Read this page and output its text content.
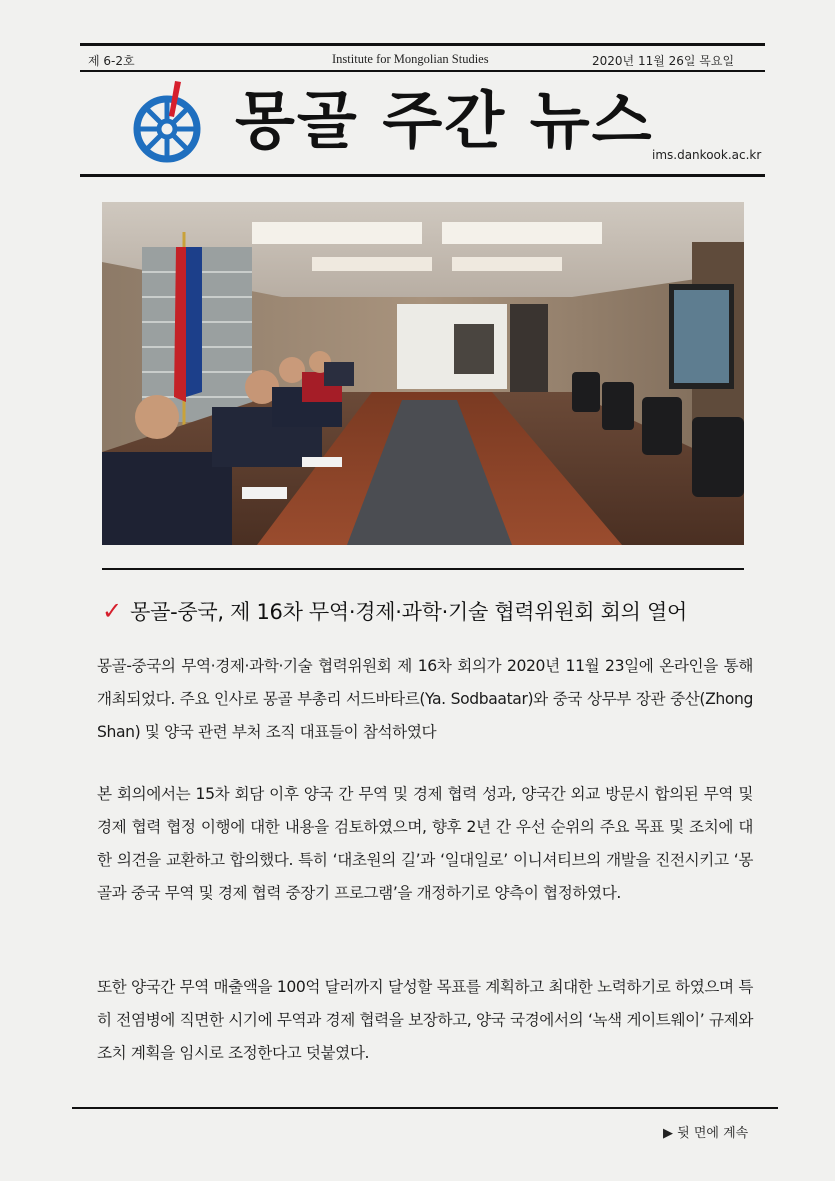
제 6-2호	Institute for Mongolian Studies	2020년 11월 26일 목요일
몽골 주간 뉴스
ims.dankook.ac.kr
✓ 몽골-중국, 제 16차 무역·경제·과학·기술 협력위원회 회의 열어
몽골-중국의 무역·경제·과학·기술 협력위원회 제 16차 회의가 2020년 11월 23일에 온라인을 통해 개최되었다. 주요 인사로 몽골 부총리 서드바타르(Ya. Sodbaatar)와 중국 상무부 장관 중산(Zhong Shan) 및 양국 관련 부처 조직 대표들이 참석하였다
본 회의에서는 15차 회담 이후 양국 간 무역 및 경제 협력 성과, 양국간 외교 방문시 합의된 무역 및 경제 협력 협정 이행에 대한 내용을 검토하였으며, 향후 2년 간 우선 순위의 주요 목표 및 조치에 대한 의견을 교환하고 합의했다. 특히 ‘대초원의 길’과 ‘일대일로’ 이니셔티브의 개발을 진전시키고 ‘몽골과 중국 무역 및 경제 협력 중장기 프로그램’을 개정하기로 양측이 협정하였다.
또한 양국간 무역 매출액을 100억 달러까지 달성할 목표를 계획하고 최대한 노력하기로 하였으며 특히 전염병에 직면한 시기에 무역과 경제 협력을 보장하고, 양국 국경에서의 ‘녹색 게이트웨이’ 규제와 조치 계획을 임시로 조정한다고 덧붙였다.
▶ 뒷 면에 계속
